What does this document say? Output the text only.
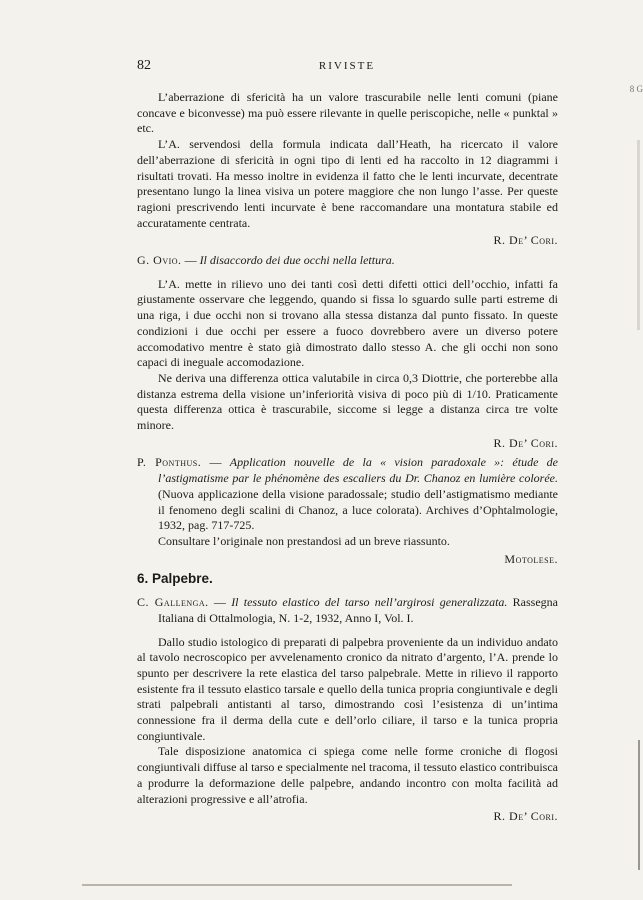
82	RIVISTE
8 G

L’aberrazione di sfericità ha un valore trascurabile nelle lenti comuni (piane concave e biconvesse) ma può essere rilevante in quelle periscopiche, nelle « punktal » etc.

L’A. servendosi della formula indicata dall’Heath, ha ricercato il valore dell’aberrazione di sfericità in ogni tipo di lenti ed ha raccolto in 12 diagrammi i risultati trovati. Ha messo inoltre in evidenza il fatto che le lenti incurvate, decentrate presentano lungo la linea visiva un potere maggiore che non lungo l’asse. Per queste ragioni prescrivendo lenti incurvate è bene raccomandare una montatura stabile ed accuratamente centrata.

R. De’ Cori.

G. Ovio. — Il disaccordo dei due occhi nella lettura.

L’A. mette in rilievo uno dei tanti così detti difetti ottici dell’occhio, infatti fa giustamente osservare che leggendo, quando si fissa lo sguardo sulle parti estreme di una riga, i due occhi non si trovano alla stessa distanza dal punto fissato. In queste condizioni i due occhi per essere a fuoco dovrebbero avere un diverso potere accomodativo mentre è stato già dimostrato dallo stesso A. che gli occhi non sono capaci di ineguale accomodazione.

Ne deriva una differenza ottica valutabile in circa 0,3 Diottrie, che porterebbe alla distanza estrema della visione un’inferiorità visiva di poco più di 1/10. Praticamente questa differenza ottica è trascurabile, siccome si legge a distanza circa tre volte minore.

R. De’ Cori.

P. Ponthus. — Application nouvelle de la « vision paradoxale »: étude de l’astigmatisme par le phénomène des escaliers du Dr. Chanoz en lumière colorée. (Nuova applicazione della visione paradossale; studio dell’astigmatismo mediante il fenomeno degli scalini di Chanoz, a luce colorata). Archives d’Ophtalmologie, 1932, pag. 717-725.

Consultare l’originale non prestandosi ad un breve riassunto.

Motolese.

6. Palpebre.

C. Gallenga. — Il tessuto elastico del tarso nell’argirosi generalizzata. Rassegna Italiana di Ottalmologia, N. 1-2, 1932, Anno I, Vol. I.

Dallo studio istologico di preparati di palpebra proveniente da un individuo andato al tavolo necroscopico per avvelenamento cronico da nitrato d’argento, l’A. prende lo spunto per descrivere la rete elastica del tarso palpebrale. Mette in rilievo il rapporto esistente fra il tessuto elastico tarsale e quello della tunica propria congiuntivale e degli strati palpebrali antistanti al tarso, dimostrando così l’esistenza di un’intima connessione fra il derma della cute e dell’orlo ciliare, il tarso e la tunica propria congiuntivale.

Tale disposizione anatomica ci spiega come nelle forme croniche di flogosi congiuntivali diffuse al tarso e specialmente nel tracoma, il tessuto elastico contribuisca a produrre la deformazione delle palpebre, andando incontro con molta facilità ad alterazioni progressive e all’atrofia.

R. De’ Cori.
